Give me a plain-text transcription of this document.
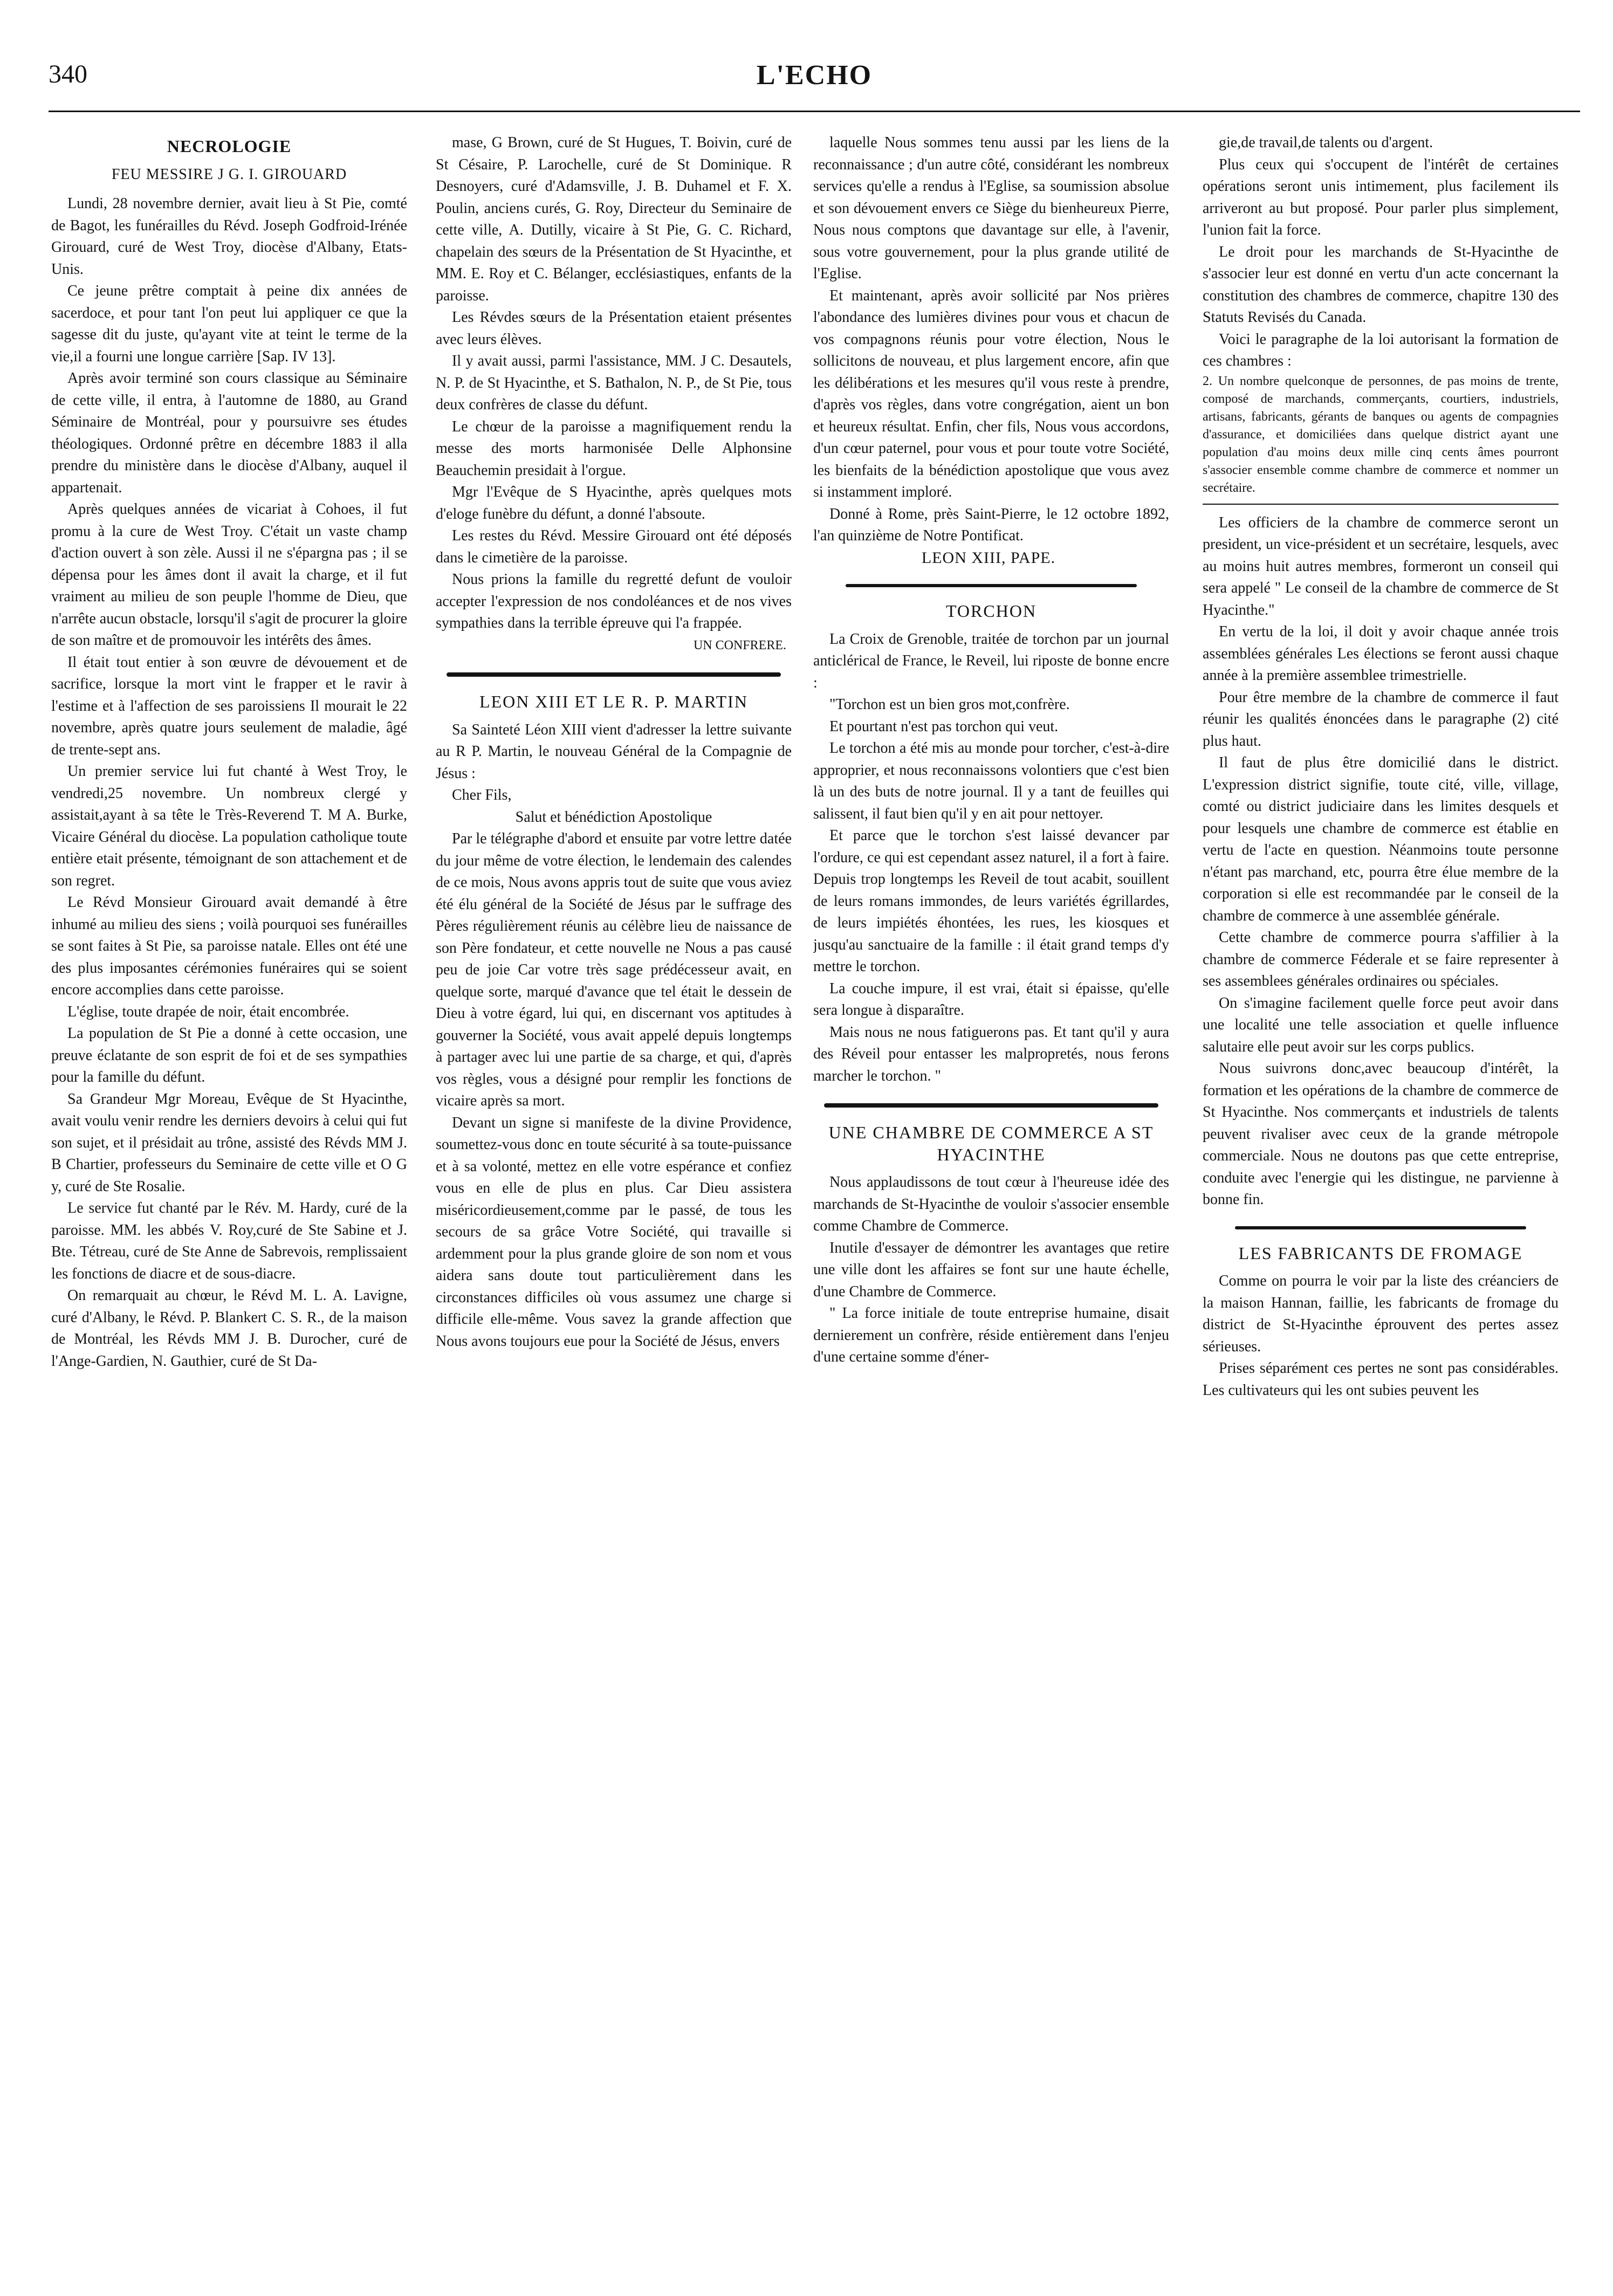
340	L'ECHO
NECROLOGIE
FEU MESSIRE J G. I. GIROUARD

Lundi, 28 novembre dernier, avait lieu à St Pie, comté de Bagot, les funérailles du Révd. Joseph Godfroid-Irénée Girouard, curé de West Troy, diocèse d'Albany, Etats-Unis.

Ce jeune prêtre comptait à peine dix années de sacerdoce, et pour tant l'on peut lui appliquer ce que la sagesse dit du juste, qu'ayant vite at teint le terme de la vie,il a fourni une longue carrière [Sap. IV 13].

Après avoir terminé son cours classique au Séminaire de cette ville, il entra, à l'automne de 1880, au Grand Séminaire de Montréal, pour y poursuivre ses études théologiques. Ordonné prêtre en décembre 1883 il alla prendre du ministère dans le diocèse d'Albany, auquel il appartenait.

Après quelques années de vicariat à Cohoes, il fut promu à la cure de West Troy. C'était un vaste champ d'action ouvert à son zèle. Aussi il ne s'épargna pas ; il se dépensa pour les âmes dont il avait la charge, et il fut vraiment au milieu de son peuple l'homme de Dieu, que n'arrête aucun obstacle, lorsqu'il s'agit de procurer la gloire de son maître et de promouvoir les intérêts des âmes.

Il était tout entier à son œuvre de dévouement et de sacrifice, lorsque la mort vint le frapper et le ravir à l'estime et à l'affection de ses paroissiens Il mourait le 22 novembre, après quatre jours seulement de maladie, âgé de trente-sept ans.

Un premier service lui fut chanté à West Troy, le vendredi,25 novembre. Un nombreux clergé y assistait,ayant à sa tête le Très-Reverend T. M A. Burke, Vicaire Général du diocèse. La population catholique toute entière etait présente, témoignant de son attachement et de son regret.

Le Révd Monsieur Girouard avait demandé à être inhumé au milieu des siens ; voilà pourquoi ses funérailles se sont faites à St Pie, sa paroisse natale. Elles ont été une des plus imposantes cérémonies funéraires qui se soient encore accomplies dans cette paroisse.

L'église, toute drapée de noir, était encombrée.

La population de St Pie a donné à cette occasion, une preuve éclatante de son esprit de foi et de ses sympathies pour la famille du défunt.

Sa Grandeur Mgr Moreau, Evêque de St Hyacinthe, avait voulu venir rendre les derniers devoirs à celui qui fut son sujet, et il présidait au trône, assisté des Révds MM J. B Chartier, professeurs du Seminaire de cette ville et O G y, curé de Ste Rosalie.

Le service fut chanté par le Rév. M. Hardy, curé de la paroisse. MM. les abbés V. Roy,curé de Ste Sabine et J. Bte. Tétreau, curé de Ste Anne de Sabrevois, remplissaient les fonctions de diacre et de sous-diacre.

On remarquait au chœur, le Révd M. L. A. Lavigne, curé d'Albany, le Révd. P. Blankert C. S. R., de la maison de Montréal, les Révds MM J. B. Durocher, curé de l'Ange-Gardien, N. Gauthier, curé de St Da-

mase, G Brown, curé de St Hugues, T. Boivin, curé de St Césaire, P. Larochelle, curé de St Dominique. R Desnoyers, curé d'Adamsville, J. B. Duhamel et F. X. Poulin, anciens curés, G. Roy, Directeur du Seminaire de cette ville, A. Dutilly, vicaire à St Pie, G. C. Richard, chapelain des sœurs de la Présentation de St Hyacinthe, et MM. E. Roy et C. Bélanger, ecclésiastiques, enfants de la paroisse.

Les Révdes sœurs de la Présentation etaient présentes avec leurs élèves.

Il y avait aussi, parmi l'assistance, MM. J C. Desautels, N. P. de St Hyacinthe, et S. Bathalon, N. P., de St Pie, tous deux confrères de classe du défunt.

Le chœur de la paroisse a magnifiquement rendu la messe des morts harmonisée Delle Alphonsine Beauchemin presidait à l'orgue.

Mgr l'Evêque de S Hyacinthe, après quelques mots d'eloge funèbre du défunt, a donné l'absoute.

Les restes du Révd. Messire Girouard ont été déposés dans le cimetière de la paroisse.

Nous prions la famille du regretté defunt de vouloir accepter l'expression de nos condoléances et de nos vives sympathies dans la terrible épreuve qui l'a frappée.

UN CONFRERE.
LEON XIII ET LE R. P. MARTIN

Sa Sainteté Léon XIII vient d'adresser la lettre suivante au R P. Martin, le nouveau Général de la Compagnie de Jésus :

Cher Fils,

Salut et bénédiction Apostolique

Par le télégraphe d'abord et ensuite par votre lettre datée du jour même de votre élection, le lendemain des calendes de ce mois, Nous avons appris tout de suite que vous aviez été élu général de la Société de Jésus par le suffrage des Pères régulièrement réunis au célèbre lieu de naissance de son Père fondateur, et cette nouvelle ne Nous a pas causé peu de joie Car votre très sage prédécesseur avait, en quelque sorte, marqué d'avance que tel était le dessein de Dieu à votre égard, lui qui, en discernant vos aptitudes à gouverner la Société, vous avait appelé depuis longtemps à partager avec lui une partie de sa charge, et qui, d'après vos règles, vous a désigné pour remplir les fonctions de vicaire après sa mort.

Devant un signe si manifeste de la divine Providence, soumettez-vous donc en toute sécurité à sa toute-puissance et à sa volonté, mettez en elle votre espérance et confiez vous en elle de plus en plus. Car Dieu assistera miséricordieusement,comme par le passé, de tous les secours de sa grâce Votre Société, qui travaille si ardemment pour la plus grande gloire de son nom et vous aidera sans doute tout particulièrement dans les circonstances difficiles où vous assumez une charge si difficile elle-même. Vous savez la grande affection que Nous avons toujours eue pour la Société de Jésus, envers

laquelle Nous sommes tenu aussi par les liens de la reconnaissance ; d'un autre côté, considérant les nombreux services qu'elle a rendus à l'Eglise, sa soumission absolue et son dévouement envers ce Siège du bienheureux Pierre, Nous nous comptons que davantage sur elle, à l'avenir, sous votre gouvernement, pour la plus grande utilité de l'Eglise.

Et maintenant, après avoir sollicité par Nos prières l'abondance des lumières divines pour vous et chacun de vos compagnons réunis pour votre élection, Nous le sollicitons de nouveau, et plus largement encore, afin que les délibérations et les mesures qu'il vous reste à prendre, d'après vos règles, dans votre congrégation, aient un bon et heureux résultat. Enfin, cher fils, Nous vous accordons, d'un cœur paternel, pour vous et pour toute votre Société, les bienfaits de la bénédiction apostolique que vous avez si instamment imploré.

Donné à Rome, près Saint-Pierre, le 12 octobre 1892, l'an quinzième de Notre Pontificat.

LEON XIII, PAPE.
TORCHON

La Croix de Grenoble, traitée de torchon par un journal anticlérical de France, le Reveil, lui riposte de bonne encre :

"Torchon est un bien gros mot,confrère.

Et pourtant n'est pas torchon qui veut.

Le torchon a été mis au monde pour torcher, c'est-à-dire approprier, et nous reconnaissons volontiers que c'est bien là un des buts de notre journal. Il y a tant de feuilles qui salissent, il faut bien qu'il y en ait pour nettoyer.

Et parce que le torchon s'est laissé devancer par l'ordure, ce qui est cependant assez naturel, il a fort à faire. Depuis trop longtemps les Reveil de tout acabit, souillent de leurs romans immondes, de leurs variétés égrillardes, de leurs impiétés éhontées, les rues, les kiosques et jusqu'au sanctuaire de la famille : il était grand temps d'y mettre le torchon.

La couche impure, il est vrai, était si épaisse, qu'elle sera longue à disparaître.

Mais nous ne nous fatiguerons pas. Et tant qu'il y aura des Réveil pour entasser les malpropretés, nous ferons marcher le torchon. "

UNE CHAMBRE DE COMMERCE A ST HYACINTHE

Nous applaudissons de tout cœur à l'heureuse idée des marchands de St-Hyacinthe de vouloir s'associer ensemble comme Chambre de Commerce.

Inutile d'essayer de démontrer les avantages que retire une ville dont les affaires se font sur une haute échelle, d'une Chambre de Commerce.

" La force initiale de toute entreprise humaine, disait dernierement un confrère, réside entièrement dans l'enjeu d'une certaine somme d'éner-

gie,de travail,de talents ou d'argent.

Plus ceux qui s'occupent de l'intérêt de certaines opérations seront unis intimement, plus facilement ils arriveront au but proposé. Pour parler plus simplement, l'union fait la force.

Le droit pour les marchands de St-Hyacinthe de s'associer leur est donné en vertu d'un acte concernant la constitution des chambres de commerce, chapitre 130 des Statuts Revisés du Canada.

Voici le paragraphe de la loi autorisant la formation de ces chambres :

2. Un nombre quelconque de personnes, de pas moins de trente, composé de marchands, commerçants, courtiers, industriels, artisans, fabricants, gérants de banques ou agents de compagnies d'assurance, et domiciliées dans quelque district ayant une population d'au moins deux mille cinq cents âmes pourront s'associer ensemble comme chambre de commerce et nommer un secrétaire.

Les officiers de la chambre de commerce seront un president, un vice-président et un secrétaire, lesquels, avec au moins huit autres membres, formeront un conseil qui sera appelé " Le conseil de la chambre de commerce de St Hyacinthe."

En vertu de la loi, il doit y avoir chaque année trois assemblées générales Les élections se feront aussi chaque année à la première assemblee trimestrielle.

Pour être membre de la chambre de commerce il faut réunir les qualités énoncées dans le paragraphe (2) cité plus haut.

Il faut de plus être domicilié dans le district. L'expression district signifie, toute cité, ville, village, comté ou district judiciaire dans les limites desquels et pour lesquels une chambre de commerce est établie en vertu de l'acte en question. Néanmoins toute personne n'étant pas marchand, etc, pourra être élue membre de la corporation si elle est recommandée par le conseil de la chambre de commerce à une assemblée générale.

Cette chambre de commerce pourra s'affilier à la chambre de commerce Féderale et se faire representer à ses assemblees générales ordinaires ou spéciales.

On s'imagine facilement quelle force peut avoir dans une localité une telle association et quelle influence salutaire elle peut avoir sur les corps publics.

Nous suivrons donc,avec beaucoup d'intérêt, la formation et les opérations de la chambre de commerce de St Hyacinthe. Nos commerçants et industriels de talents peuvent rivaliser avec ceux de la grande métropole commerciale. Nous ne doutons pas que cette entreprise, conduite avec l'energie qui les distingue, ne parvienne à bonne fin.

LES FABRICANTS DE FROMAGE

Comme on pourra le voir par la liste des créanciers de la maison Hannan, faillie, les fabricants de fromage du district de St-Hyacinthe éprouvent des pertes assez sérieuses.

Prises séparément ces pertes ne sont pas considérables. Les cultivateurs qui les ont subies peuvent les
